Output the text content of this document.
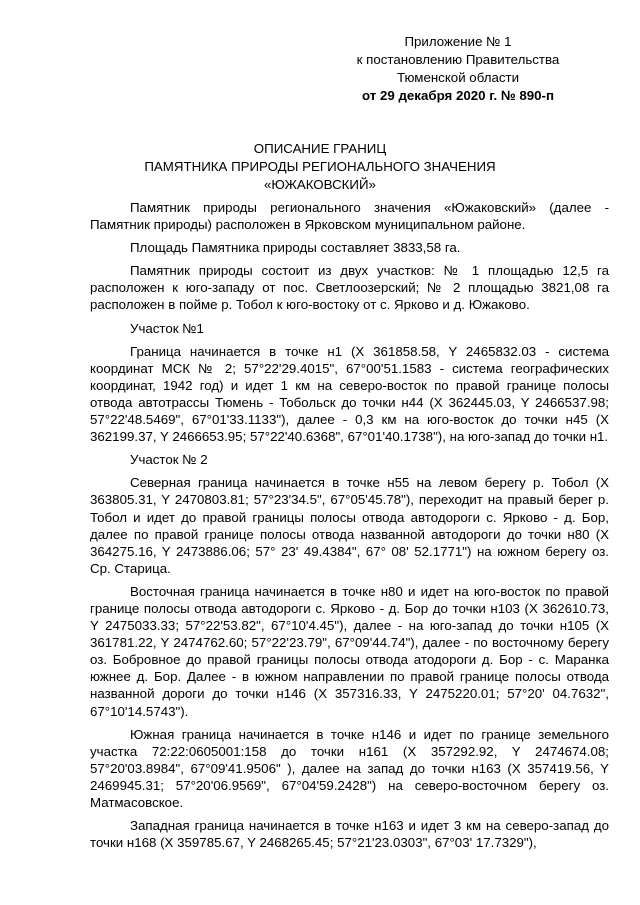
Приложение № 1
к постановлению Правительства
Тюменской области
от 29 декабря 2020 г. № 890-п
ОПИСАНИЕ ГРАНИЦ
ПАМЯТНИКА ПРИРОДЫ РЕГИОНАЛЬНОГО ЗНАЧЕНИЯ
«ЮЖАКОВСКИЙ»

Памятник природы регионального значения «Южаковский» (далее - Памятник природы) расположен в Ярковском муниципальном районе.

Площадь Памятника природы составляет 3833,58 га.

Памятник природы состоит из двух участков: № 1 площадью 12,5 га расположен к юго-западу от пос. Светлоозерский; № 2 площадью 3821,08 га расположен в пойме р. Тобол к юго-востоку от с. Ярково и д. Южаково.

Участок №1

Граница начинается в точке н1 (X 361858.58, Y 2465832.03 - система координат МСК № 2; 57°22'29.4015", 67°00'51.1583 - система географических координат, 1942 год) и идет 1 км на северо-восток по правой границе полосы отвода автотрассы Тюмень - Тобольск до точки н44 (X 362445.03, Y 2466537.98; 57°22'48.5469", 67°01'33.1133"), далее - 0,3 км на юго-восток до точки н45 (X 362199.37, Y 2466653.95; 57°22'40.6368", 67°01'40.1738"), на юго-запад до точки н1.

Участок № 2

Северная граница начинается в точке н55 на левом берегу р. Тобол (X 363805.31, Y 2470803.81; 57°23'34.5", 67°05'45.78"), переходит на правый берег р. Тобол и идет до правой границы полосы отвода автодороги с. Ярково - д. Бор, далее по правой границе полосы отвода названной автодороги до точки н80 (X 364275.16, Y 2473886.06; 57° 23' 49.4384", 67° 08' 52.1771") на южном берегу оз. Ср. Старица.

Восточная граница начинается в точке н80 и идет на юго-восток по правой границе полосы отвода автодороги с. Ярково - д. Бор до точки н103 (X 362610.73, Y 2475033.33; 57°22'53.82", 67°10'4.45"), далее - на юго-запад до точки н105 (X 361781.22, Y 2474762.60; 57°22'23.79", 67°09'44.74"), далее - по восточному берегу оз. Бобровное до правой границы полосы отвода атодороги д. Бор - с. Маранка южнее д. Бор. Далее - в южном направлении по правой границе полосы отвода названной дороги до точки н146 (X 357316.33, Y 2475220.01; 57°20' 04.7632", 67°10'14.5743").

Южная граница начинается в точке н146 и идет по границе земельного участка 72:22:0605001:158 до точки н161 (X 357292.92, Y 2474674.08; 57°20'03.8984", 67°09'41.9506" ), далее на запад до точки н163 (X 357419.56, Y 2469945.31; 57°20'06.9569", 67°04'59.2428") на северо-восточном берегу оз. Матмасовское.

Западная граница начинается в точке н163 и идет 3 км на северо-запад до точки н168 (X 359785.67, Y 2468265.45; 57°21'23.0303", 67°03' 17.7329"),
